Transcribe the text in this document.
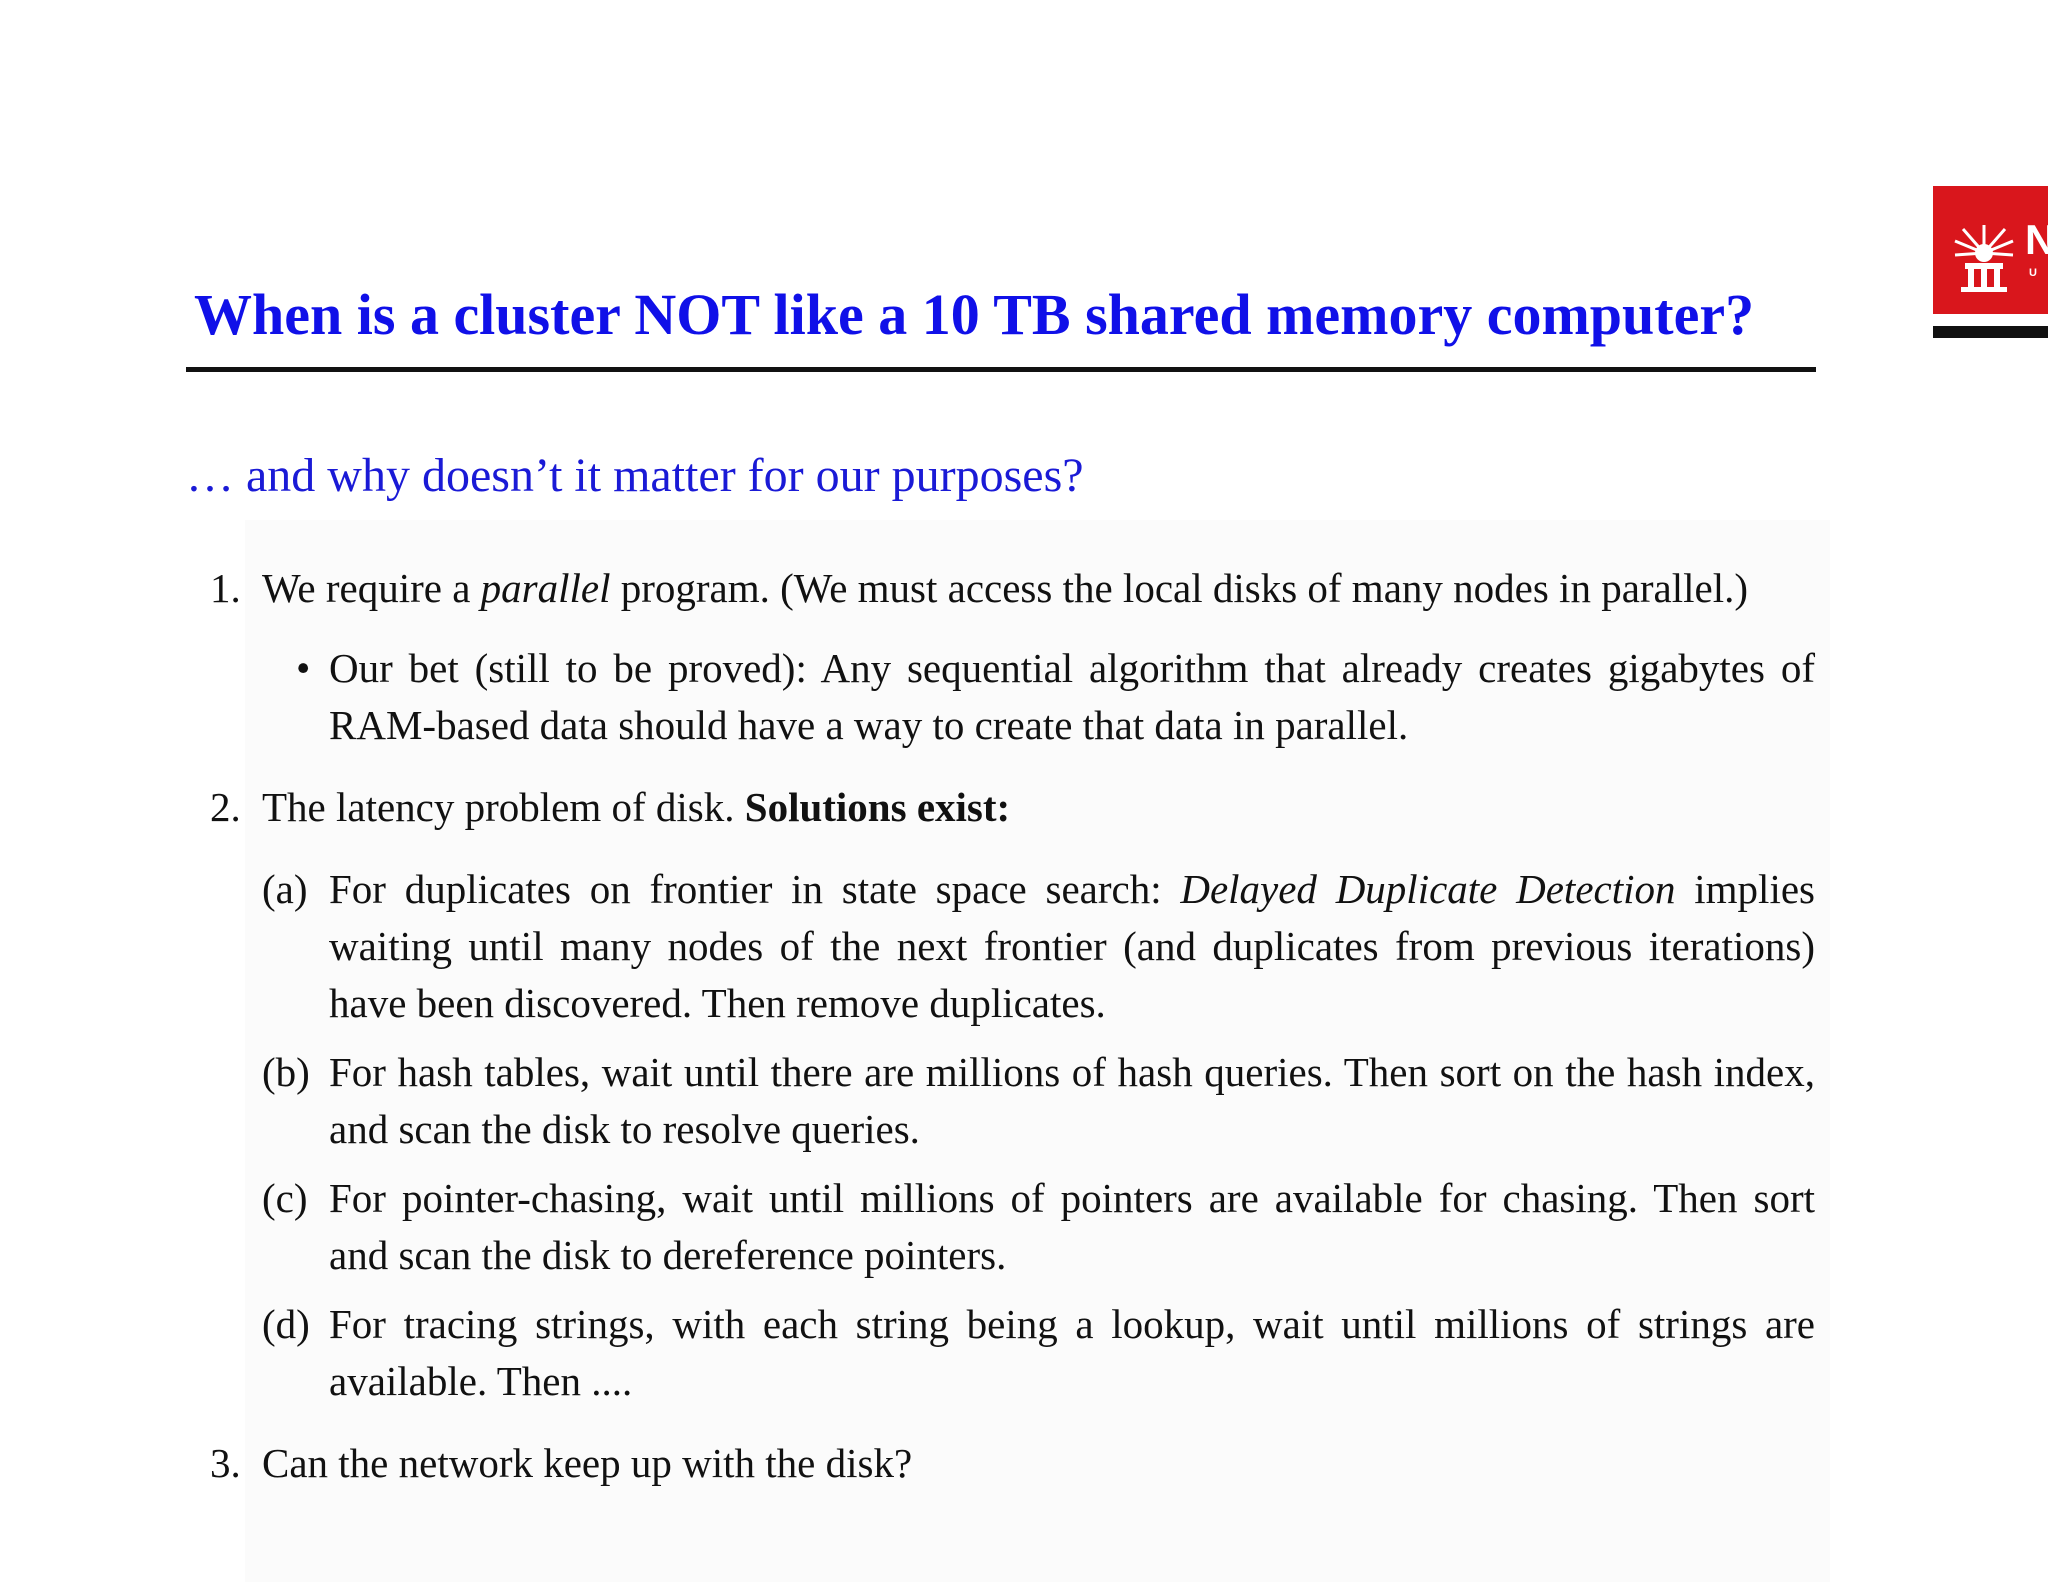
N
U
When is a cluster NOT like a 10 TB shared memory computer?
… and why doesn’t it matter for our purposes?
1. We require a parallel program. (We must access the local disks of many nodes in parallel.)
• Our bet (still to be proved): Any sequential algorithm that already creates gigabytes of RAM-based data should have a way to create that data in parallel.
2. The latency problem of disk. Solutions exist:
(a) For duplicates on frontier in state space search: Delayed Duplicate Detection implies waiting until many nodes of the next frontier (and duplicates from previous iterations) have been discovered. Then remove duplicates.
(b) For hash tables, wait until there are millions of hash queries. Then sort on the hash index, and scan the disk to resolve queries.
(c) For pointer-chasing, wait until millions of pointers are available for chasing. Then sort and scan the disk to dereference pointers.
(d) For tracing strings, with each string being a lookup, wait until millions of strings are available. Then ....
3. Can the network keep up with the disk?
